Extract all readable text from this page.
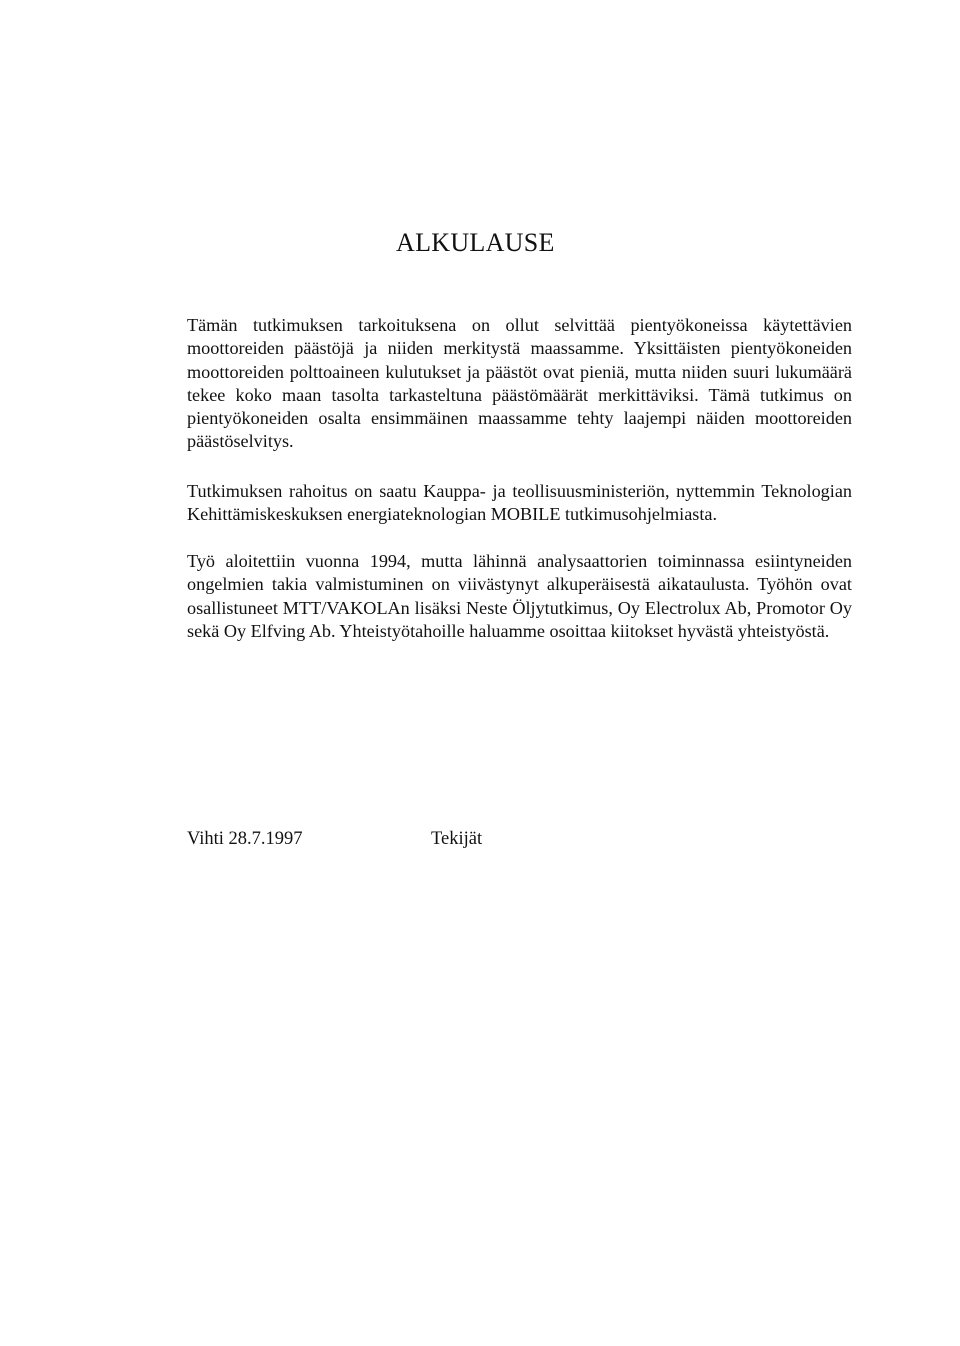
ALKULAUSE

Tämän tutkimuksen tarkoituksena on ollut selvittää pientyökoneissa käytettävien moottoreiden päästöjä ja niiden merkitystä maassamme. Yksittäisten pientyökoneiden moottoreiden polttoaineen kulutukset ja päästöt ovat pieniä, mutta niiden suuri lukumäärä tekee koko maan tasolta tarkasteltuna päästömäärät merkittäviksi. Tämä tutkimus on pientyökoneiden osalta ensimmäinen maassamme tehty laajempi näiden moottoreiden päästöselvitys.

Tutkimuksen rahoitus on saatu Kauppa- ja teollisuusministeriön, nyttemmin Teknologian Kehittämiskeskuksen energiateknologian MOBILE tutkimusohjelmiasta.

Työ aloitettiin vuonna 1994, mutta lähinnä analysaattorien toiminnassa esiintyneiden ongelmien takia valmistuminen on viivästynyt alkuperäisestä aikataulusta. Työhön ovat osallistuneet MTT/VAKOLAn lisäksi Neste Öljytutkimus, Oy Electrolux Ab, Promotor Oy sekä Oy Elfving Ab. Yhteistyötahoille haluamme osoittaa kiitokset hyvästä yhteistyöstä.

Vihti 28.7.1997	Tekijät
